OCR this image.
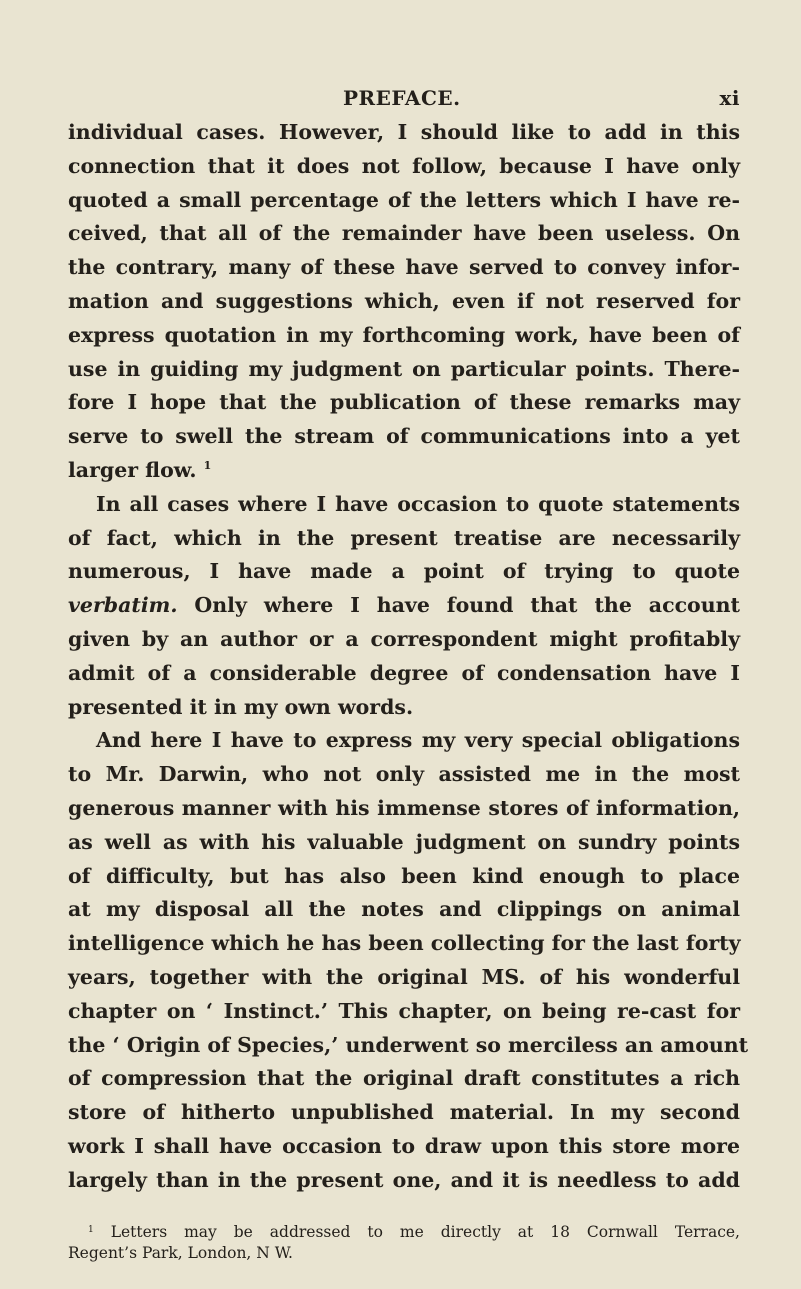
PREFACE.	xi
individual cases. However, I should like to add in this
connection that it does not follow, because I have only
quoted a small percentage of the letters which I have re-
ceived, that all of the remainder have been useless. On
the contrary, many of these have served to convey infor-
mation and suggestions which, even if not reserved for
express quotation in my forthcoming work, have been of
use in guiding my judgment on particular points. There-
fore I hope that the publication of these remarks may
serve to swell the stream of communications into a yet
larger flow. $^1$
In all cases where I have occasion to quote statements
of fact, which in the present treatise are necessarily
numerous, I have made a point of trying to quote
verbatim. Only where I have found that the account
given by an author or a correspondent might profitably
admit of a considerable degree of condensation have I
presented it in my own words.
And here I have to express my very special obligations
to Mr. Darwin, who not only assisted me in the most
generous manner with his immense stores of information,
as well as with his valuable judgment on sundry points
of difficulty, but has also been kind enough to place
at my disposal all the notes and clippings on animal
intelligence which he has been collecting for the last forty
years, together with the original MS. of his wonderful
chapter on ‘ Instinct.’ This chapter, on being re-cast for
the ‘ Origin of Species,’ underwent so merciless an amount
of compression that the original draft constitutes a rich
store of hitherto unpublished material. In my second
work I shall have occasion to draw upon this store more
largely than in the present one, and it is needless to add
$^1$ Letters may be addressed to me directly at 18 Cornwall Terrace,
Regent’s Park, London, N W.
